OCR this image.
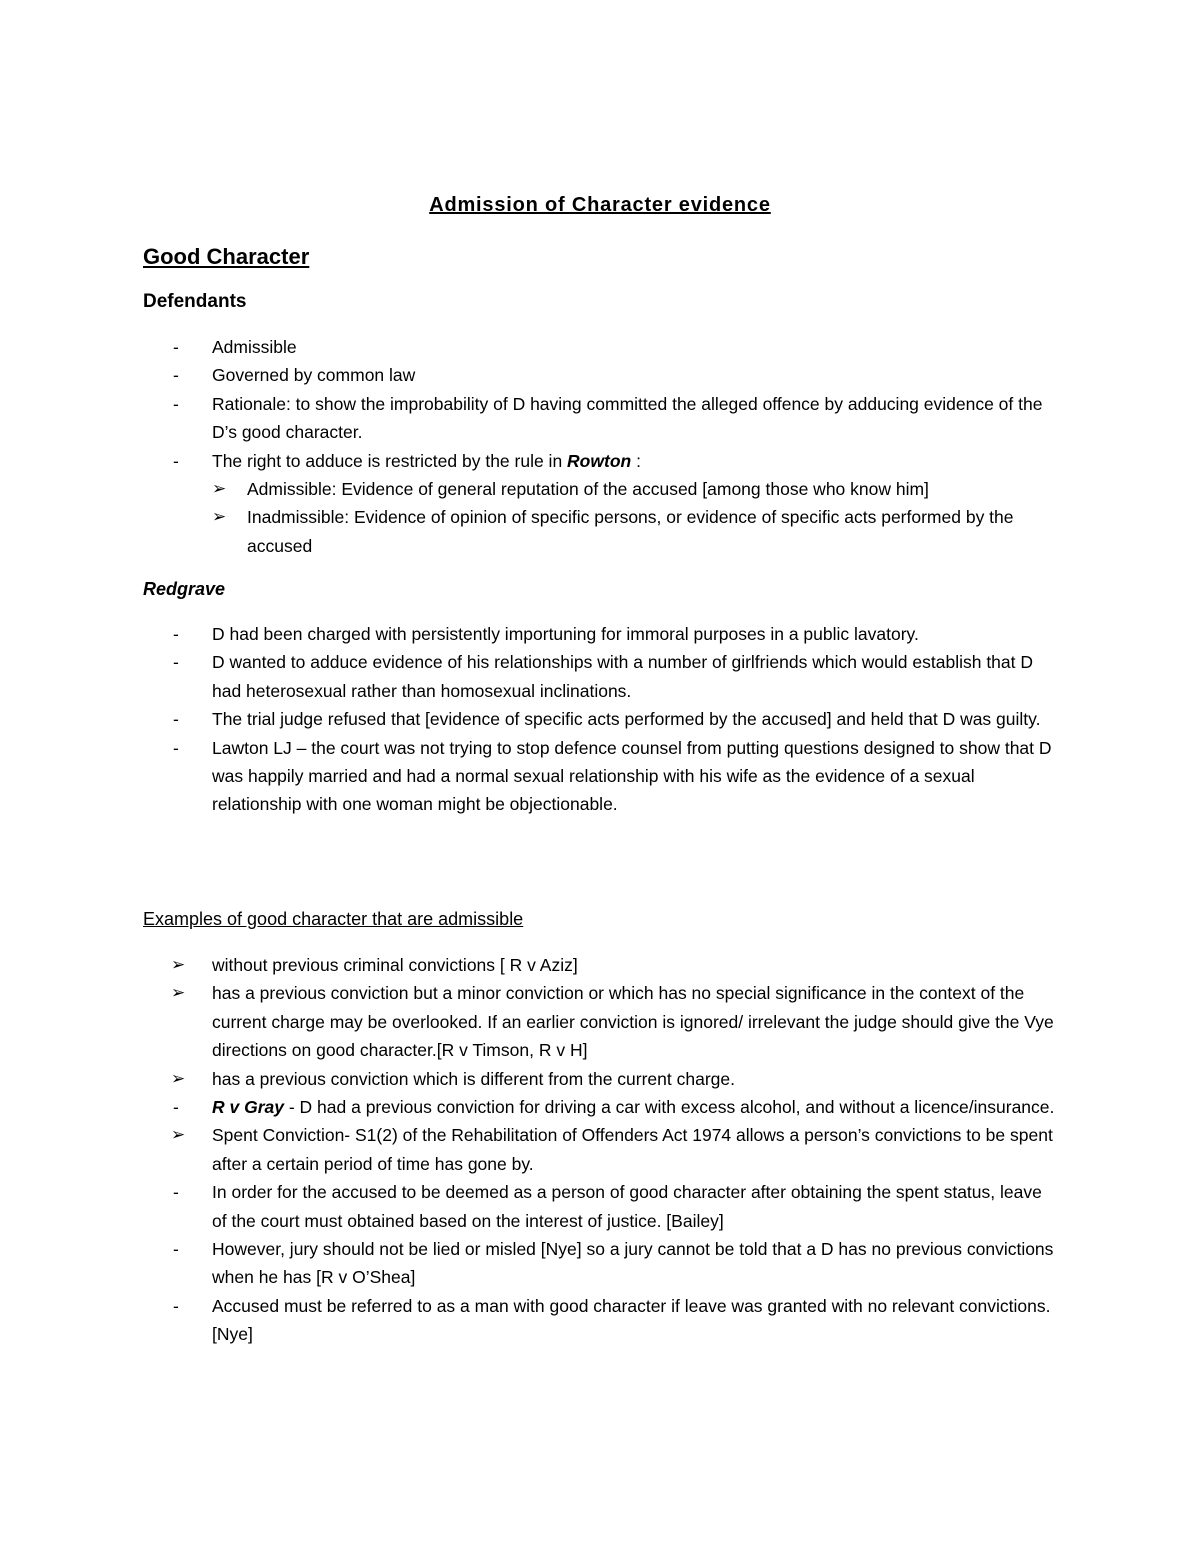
Admission of Character evidence
Good Character
Defendants
-	Admissible
-	Governed by common law
-	Rationale: to show the improbability of D having committed the alleged offence by adducing evidence of the D’s good character.
-	The right to adduce is restricted by the rule in Rowton :
➢	Admissible: Evidence of general reputation of the accused [among those who know him]
➢	Inadmissible: Evidence of opinion of specific persons, or evidence of specific acts performed by the accused
Redgrave
-	D had been charged with persistently importuning for immoral purposes in a public lavatory.
-	D wanted to adduce evidence of his relationships with a number of girlfriends which would establish that D had heterosexual rather than homosexual inclinations.
-	The trial judge refused that [evidence of specific acts performed by the accused] and held that D was guilty.
-	Lawton LJ – the court was not trying to stop defence counsel from putting questions designed to show that D was happily married and had a normal sexual relationship with his wife as the evidence of a sexual relationship with one woman might be objectionable.
Examples of good character that are admissible
➢	without previous criminal convictions [ R v Aziz]
➢	has a previous conviction but a minor conviction or which has no special significance in the context of the current charge may be overlooked. If an earlier conviction is ignored/ irrelevant the judge should give the Vye directions on good character.[R v Timson, R v H]
➢	has a previous conviction which is different from the current charge.
-	R v Gray - D had a previous conviction for driving a car with excess alcohol, and without a licence/insurance.
➢	Spent Conviction- S1(2) of the Rehabilitation of Offenders Act 1974 allows a person’s convictions to be spent after a certain period of time has gone by.
-	In order for the accused to be deemed as a person of good character after obtaining the spent status, leave of the court must obtained based on the interest of justice. [Bailey]
-	However, jury should not be lied or misled [Nye] so a jury cannot be told that a D has no previous convictions when he has [R v O’Shea]
-	Accused must be referred to as a man with good character if leave was granted with no relevant convictions. [Nye]
